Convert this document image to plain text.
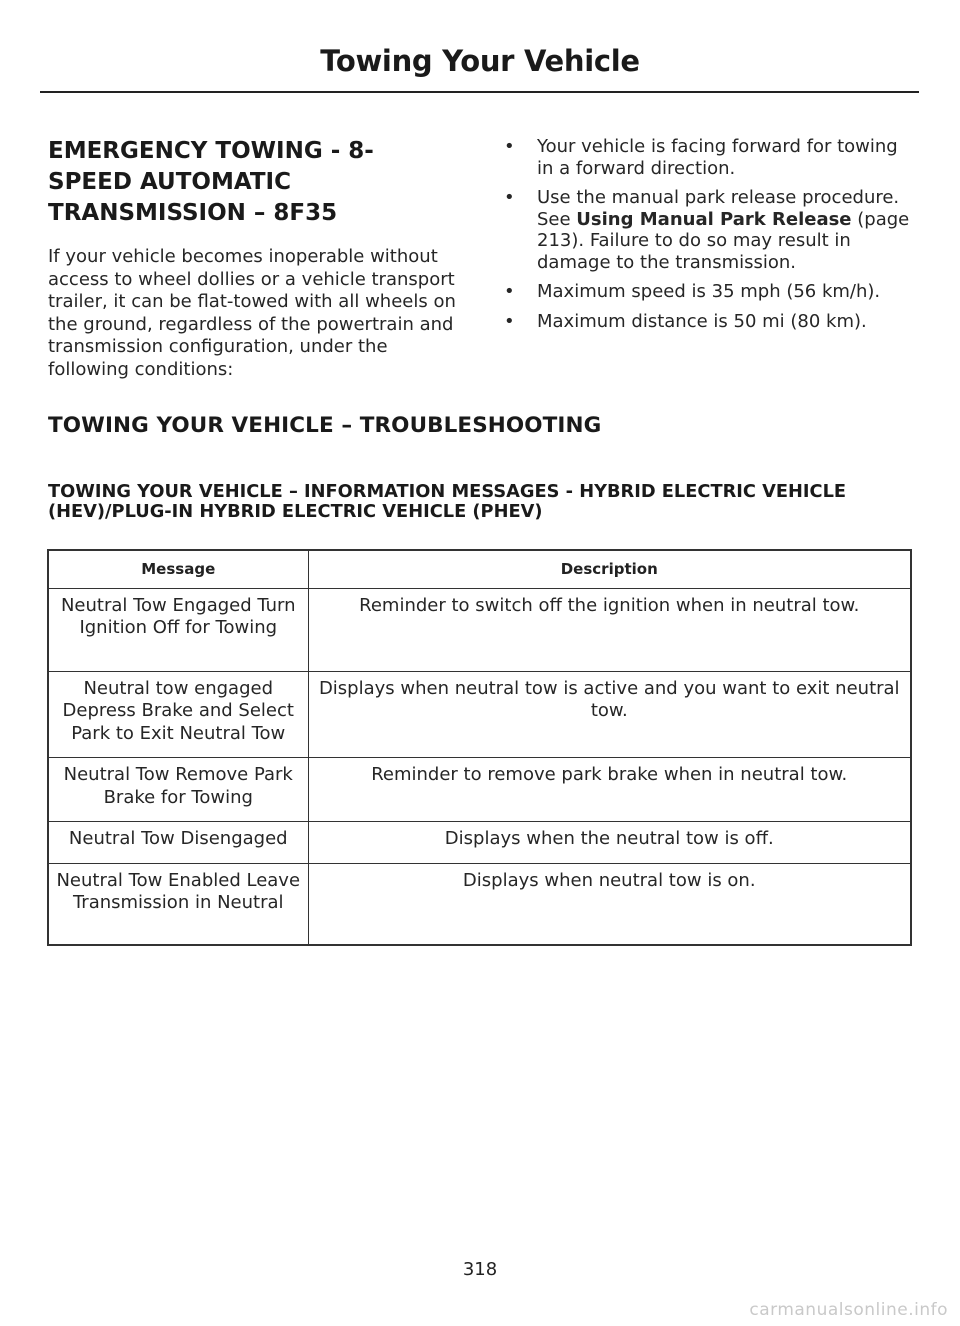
Towing Your Vehicle
EMERGENCY TOWING - 8-SPEED AUTOMATIC TRANSMISSION – 8F35

If your vehicle becomes inoperable without access to wheel dollies or a vehicle transport trailer, it can be flat-towed with all wheels on the ground, regardless of the powertrain and transmission configuration, under the following conditions:

• Your vehicle is facing forward for towing in a forward direction.
• Use the manual park release procedure. See Using Manual Park Release (page 213). Failure to do so may result in damage to the transmission.
• Maximum speed is 35 mph (56 km/h).
• Maximum distance is 50 mi (80 km).
TOWING YOUR VEHICLE – TROUBLESHOOTING
TOWING YOUR VEHICLE – INFORMATION MESSAGES - HYBRID ELECTRIC VEHICLE (HEV)/PLUG-IN HYBRID ELECTRIC VEHICLE (PHEV)
Message	Description
Neutral Tow Engaged Turn Ignition Off for Towing	Reminder to switch off the ignition when in neutral tow.
Neutral tow engaged Depress Brake and Select Park to Exit Neutral Tow	Displays when neutral tow is active and you want to exit neutral tow.
Neutral Tow Remove Park Brake for Towing	Reminder to remove park brake when in neutral tow.
Neutral Tow Disengaged	Displays when the neutral tow is off.
Neutral Tow Enabled Leave Transmission in Neutral	Displays when neutral tow is on.
318
carmanualsonline.info
